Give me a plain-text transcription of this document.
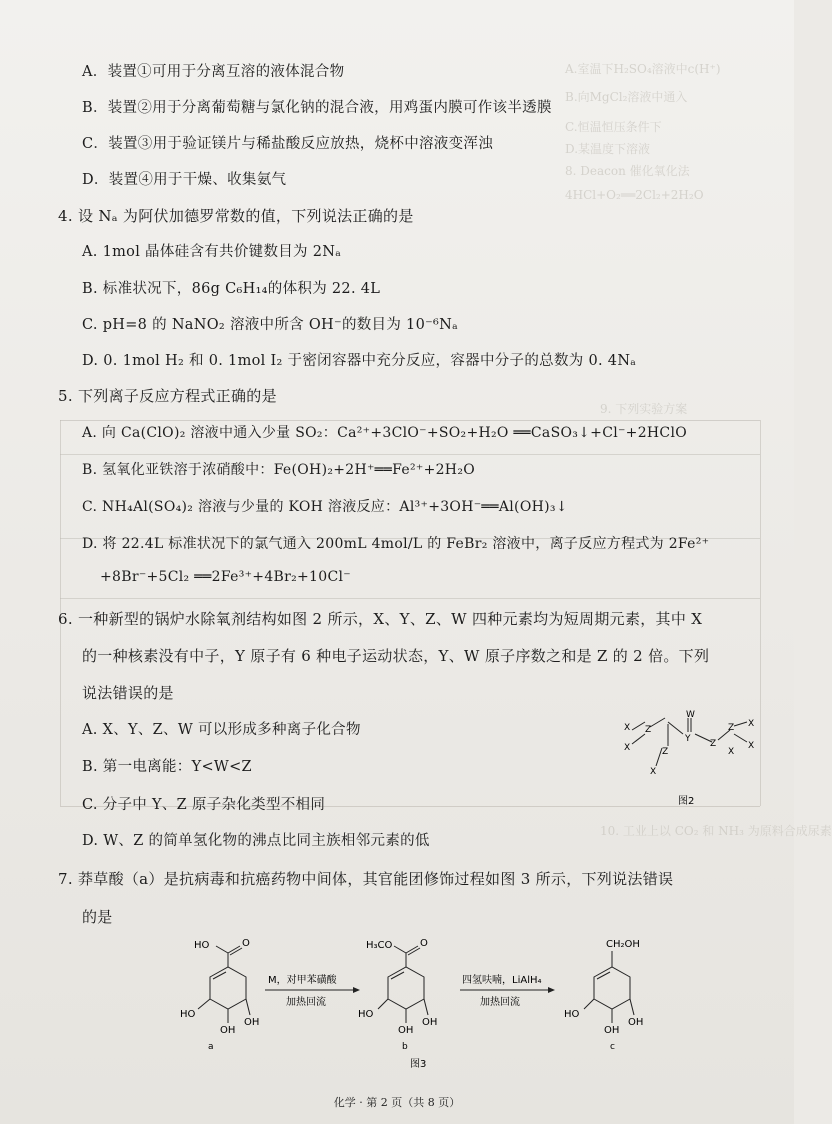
A.室温下H₂SO₄溶液中c(H⁺)
B.向MgCl₂溶液中通入
C.恒温恒压条件下
D.某温度下溶液
8. Deacon 催化氧化法
4HCl+O₂══2Cl₂+2H₂O
9. 下列实验方案
10. 工业上以 CO₂ 和 NH₃ 为原料合成尿素
A．装置①可用于分离互溶的液体混合物
B．装置②用于分离葡萄糖与氯化钠的混合液，用鸡蛋内膜可作该半透膜
C．装置③用于验证镁片与稀盐酸反应放热，烧杯中溶液变浑浊
D．装置④用于干燥、收集氨气
4. 设 Nₐ 为阿伏加德罗常数的值，下列说法正确的是
A. 1mol 晶体硅含有共价键数目为 2Nₐ
B. 标准状况下，86g C₆H₁₄的体积为 22. 4L
C. pH=8 的 NaNO₂ 溶液中所含 OH⁻的数目为 10⁻⁶Nₐ
D. 0. 1mol H₂ 和 0. 1mol I₂ 于密闭容器中充分反应，容器中分子的总数为 0. 4Nₐ
5. 下列离子反应方程式正确的是
A. 向 Ca(ClO)₂ 溶液中通入少量 SO₂：Ca²⁺+3ClO⁻+SO₂+H₂O ══CaSO₃↓+Cl⁻+2HClO
B. 氢氧化亚铁溶于浓硝酸中：Fe(OH)₂+2H⁺══Fe²⁺+2H₂O
C. NH₄Al(SO₄)₂ 溶液与少量的 KOH 溶液反应：Al³⁺+3OH⁻══Al(OH)₃↓
D. 将 22.4L 标准状况下的氯气通入 200mL 4mol/L 的 FeBr₂ 溶液中，离子反应方程式为 2Fe²⁺
+8Br⁻+5Cl₂ ══2Fe³⁺+4Br₂+10Cl⁻
6. 一种新型的锅炉水除氧剂结构如图 2 所示，X、Y、Z、W 四种元素均为短周期元素，其中 X
的一种核素没有中子，Y 原子有 6 种电子运动状态，Y、W 原子序数之和是 Z 的 2 倍。下列
说法错误的是
A. X、Y、Z、W 可以形成多种离子化合物
B. 第一电离能：Y<W<Z
C. 分子中 Y、Z 原子杂化类型不相同
D. W、Z 的简单氢化物的沸点比同主族相邻元素的低
W
Y
Z
Z
Z
Z
X
X
X
X
X
X
图2
7. 莽草酸（a）是抗病毒和抗癌药物中间体，其官能团修饰过程如图 3 所示，下列说法错误
的是
HO	O
HO
OH
OH
a
M，对甲苯磺酸
加热回流
H₃CO	O
HO
OH
OH
b
四氢呋喃，LiAlH₄
加热回流
CH₂OH
HO
OH
OH
c
图3
化学 · 第 2 页（共 8 页）
